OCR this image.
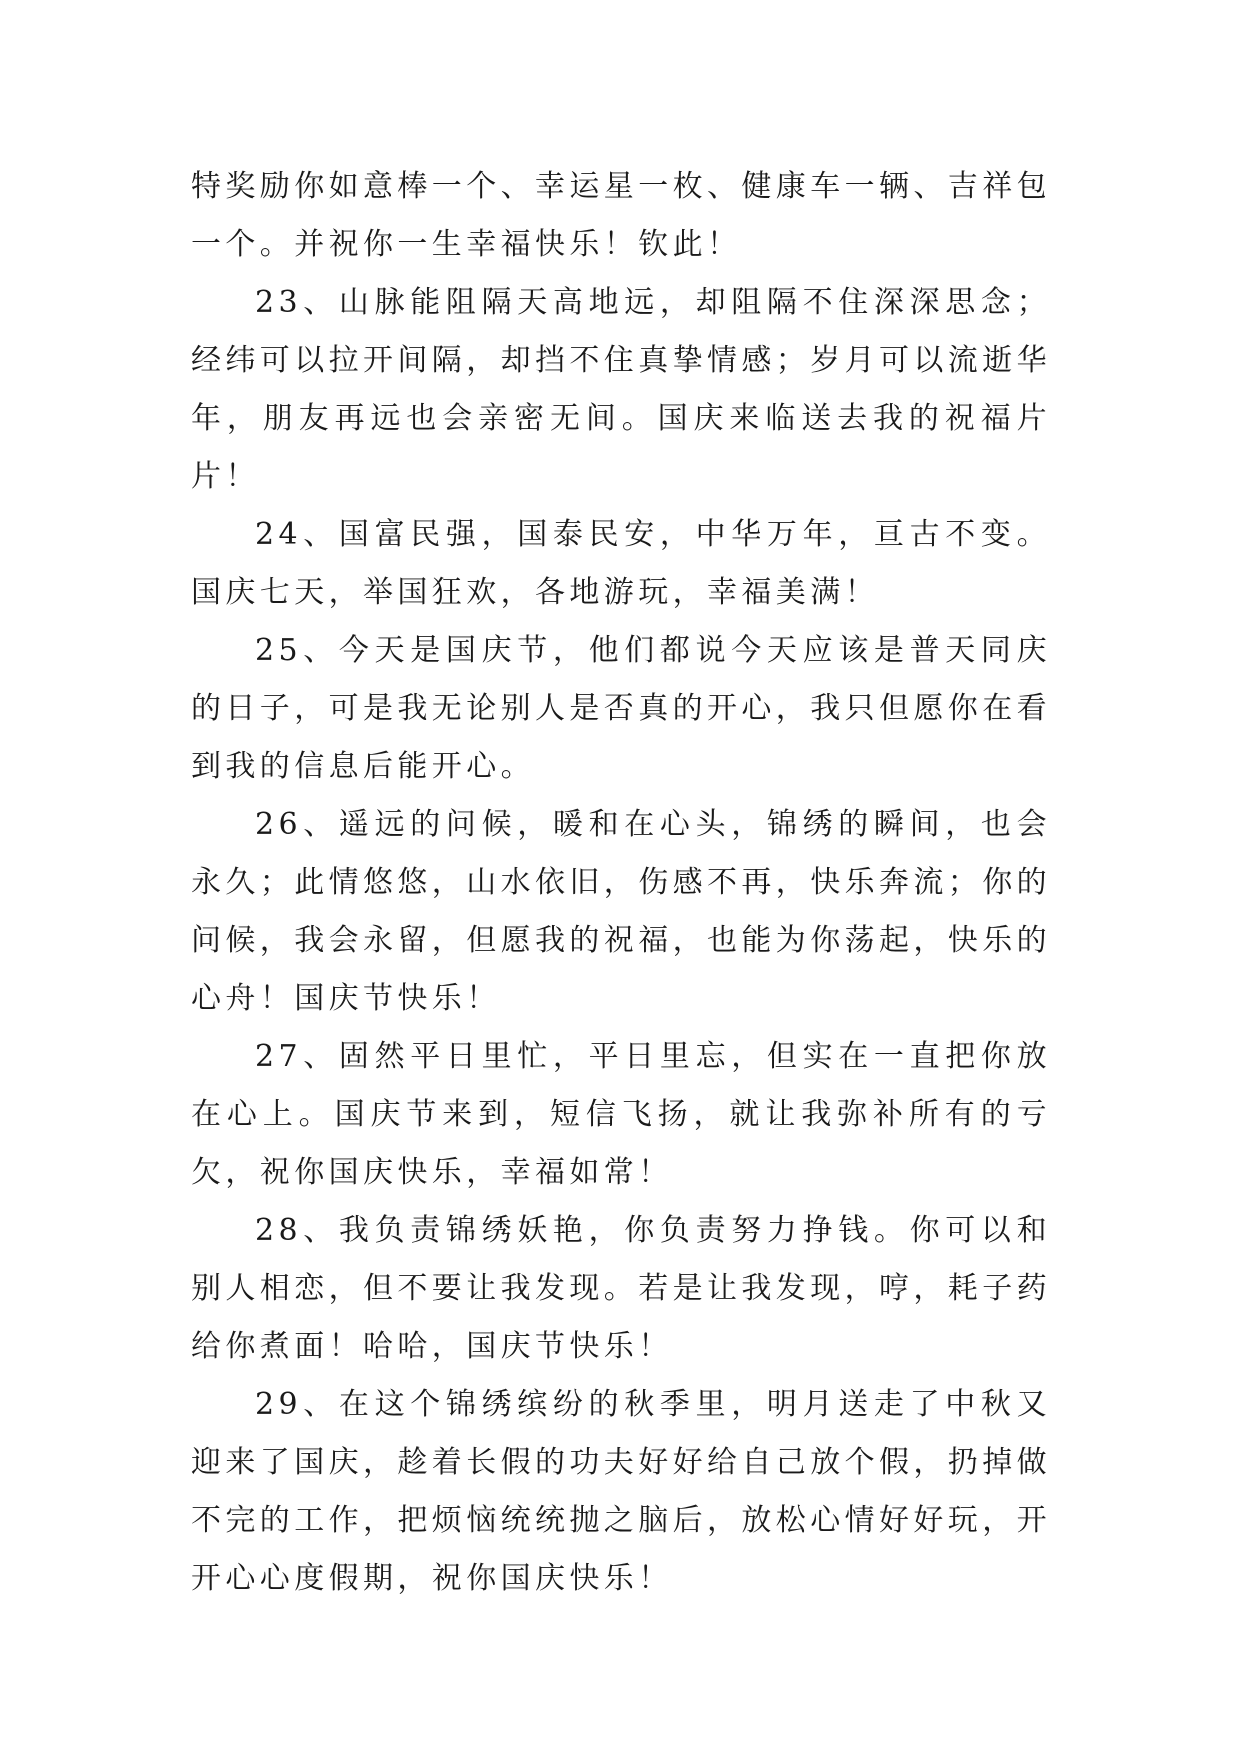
特奖励你如意棒一个、幸运星一枚、健康车一辆、吉祥包一个。并祝你一生幸福快乐！钦此！

23、山脉能阻隔天高地远，却阻隔不住深深思念；经纬可以拉开间隔，却挡不住真挚情感；岁月可以流逝华年，朋友再远也会亲密无间。国庆来临送去我的祝福片片！

24、国富民强，国泰民安，中华万年，亘古不变。国庆七天，举国狂欢，各地游玩，幸福美满！

25、今天是国庆节，他们都说今天应该是普天同庆的日子，可是我无论别人是否真的开心，我只但愿你在看到我的信息后能开心。

26、遥远的问候，暖和在心头，锦绣的瞬间，也会永久；此情悠悠，山水依旧，伤感不再，快乐奔流；你的问候，我会永留，但愿我的祝福，也能为你荡起，快乐的心舟！国庆节快乐！

27、固然平日里忙，平日里忘，但实在一直把你放在心上。国庆节来到，短信飞扬，就让我弥补所有的亏欠，祝你国庆快乐，幸福如常！

28、我负责锦绣妖艳，你负责努力挣钱。你可以和别人相恋，但不要让我发现。若是让我发现，哼，耗子药给你煮面！哈哈，国庆节快乐！

29、在这个锦绣缤纷的秋季里，明月送走了中秋又迎来了国庆，趁着长假的功夫好好给自己放个假，扔掉做不完的工作，把烦恼统统抛之脑后，放松心情好好玩，开开心心度假期，祝你国庆快乐！
